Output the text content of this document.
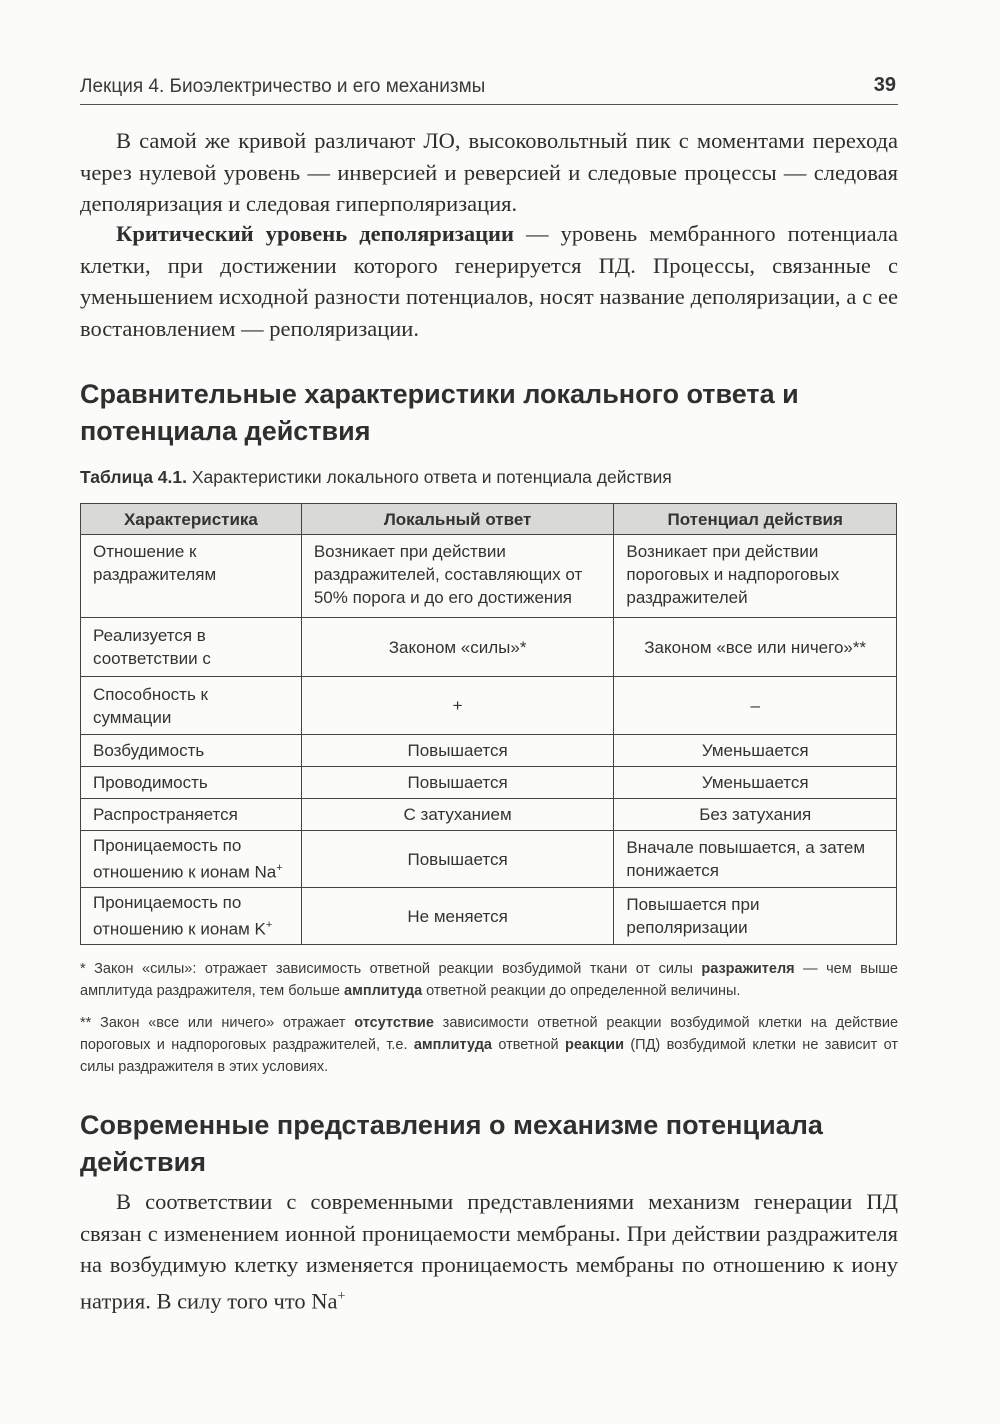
Лекция 4. Биоэлектричество и его механизмы	39

В самой же кривой различают ЛО, высоковольтный пик с моментами перехода через нулевой уровень — инверсией и реверсией и следовые процессы — следовая деполяризация и следовая гиперполяризация.

Критический уровень деполяризации — уровень мембранного потенциала клетки, при достижении которого генерируется ПД. Процессы, связанные с уменьшением исходной разности потенциалов, носят название деполяризации, а с ее востановлением — реполяризации.

Сравнительные характеристики локального ответа и потенциала действия
Таблица 4.1. Характеристики локального ответа и потенциала действия
Характеристика	Локальный ответ	Потенциал действия
Отношение к раздражителям	Возникает при действии раздражителей, составляющих от 50% порога и до его достижения	Возникает при действии пороговых и надпороговых раздражителей
Реализуется в соответствии с	Законом «силы»*	Законом «все или ничего»**
Способность к суммации	+	–
Возбудимость	Повышается	Уменьшается
Проводимость	Повышается	Уменьшается
Распространяется	С затуханием	Без затухания
Проницаемость по отношению к ионам Na+	Повышается	Вначале повышается, а затем понижается
Проницаемость по отношению к ионам K+	Не меняется	Повышается при реполяризации

* Закон «силы»: отражает зависимость ответной реакции возбудимой ткани от силы разражителя — чем выше амплитуда раздражителя, тем больше амплитуда ответной реакции до определенной величины.

** Закон «все или ничего» отражает отсутствие зависимости ответной реакции возбудимой клетки на действие пороговых и надпороговых раздражителей, т.е. амплитуда ответной реакции (ПД) возбудимой клетки не зависит от силы раздражителя в этих условиях.

Современные представления о механизме потенциала действия

В соответствии с современными представлениями механизм генерации ПД связан с изменением ионной проницаемости мембраны. При действии раздражителя на возбудимую клетку изменяется проницаемость мембраны по отношению к иону натрия. В силу того что Na+
